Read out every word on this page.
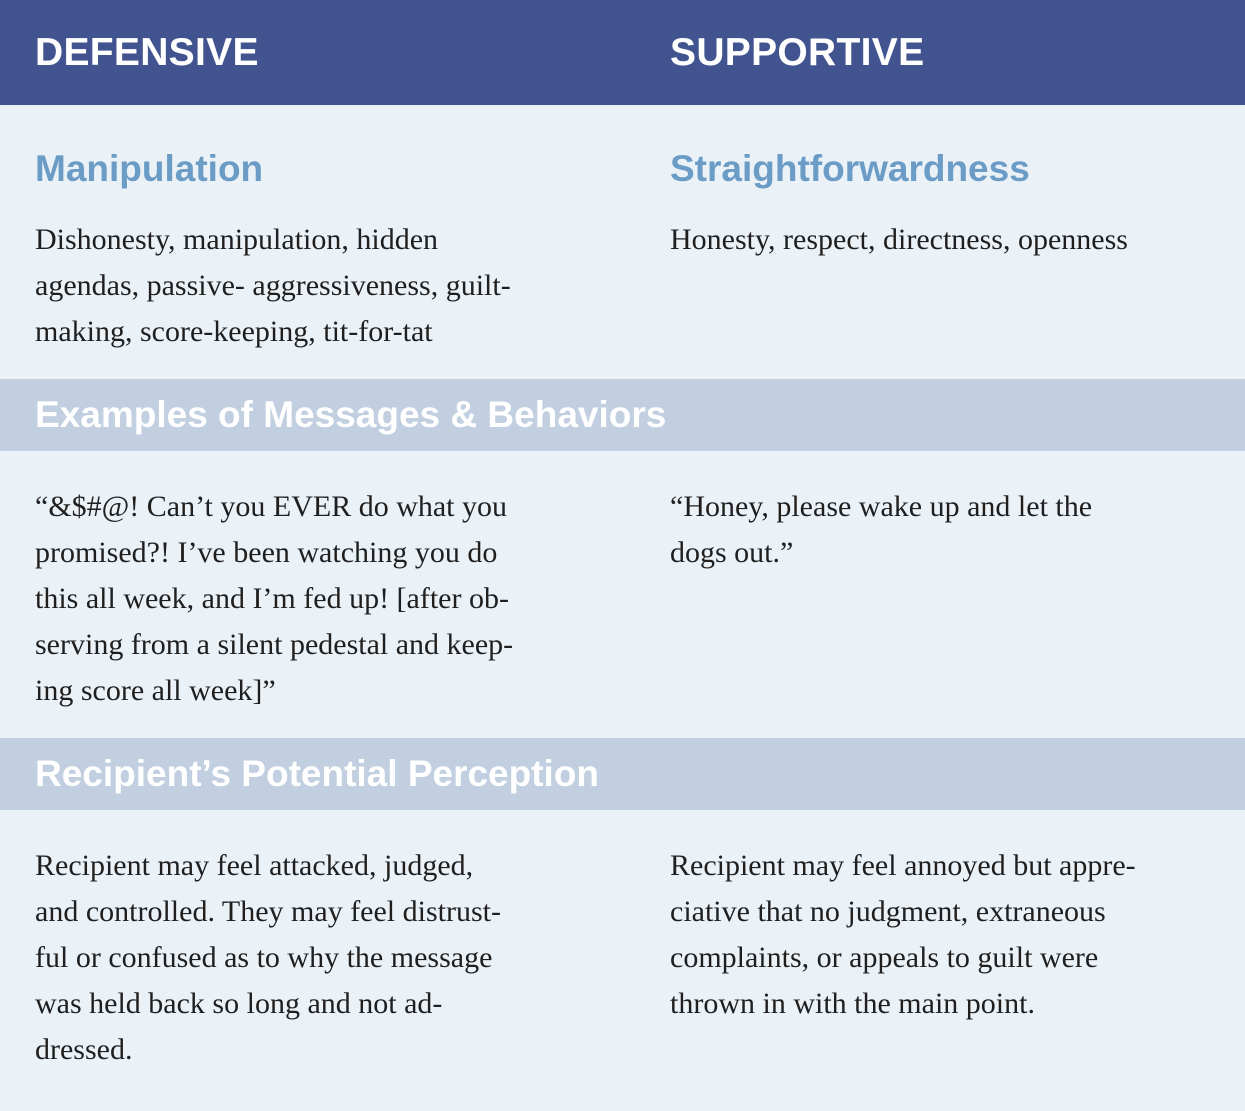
DEFENSIVE	SUPPORTIVE
Manipulation	Straightforwardness

Dishonesty, manipulation, hidden
agendas, passive- aggressiveness, guilt-
making, score-keeping, tit-for-tat

Honesty, respect, directness, openness

Examples of Messages & Behaviors

“&$#@! Can’t you EVER do what you
promised?! I’ve been watching you do
this all week, and I’m fed up! [after ob-
serving from a silent pedestal and keep-
ing score all week]”

“Honey, please wake up and let the
dogs out.”

Recipient’s Potential Perception

Recipient may feel attacked, judged,
and controlled. They may feel distrust-
ful or confused as to why the message
was held back so long and not ad-
dressed.

Recipient may feel annoyed but appre-
ciative that no judgment, extraneous
complaints, or appeals to guilt were
thrown in with the main point.
